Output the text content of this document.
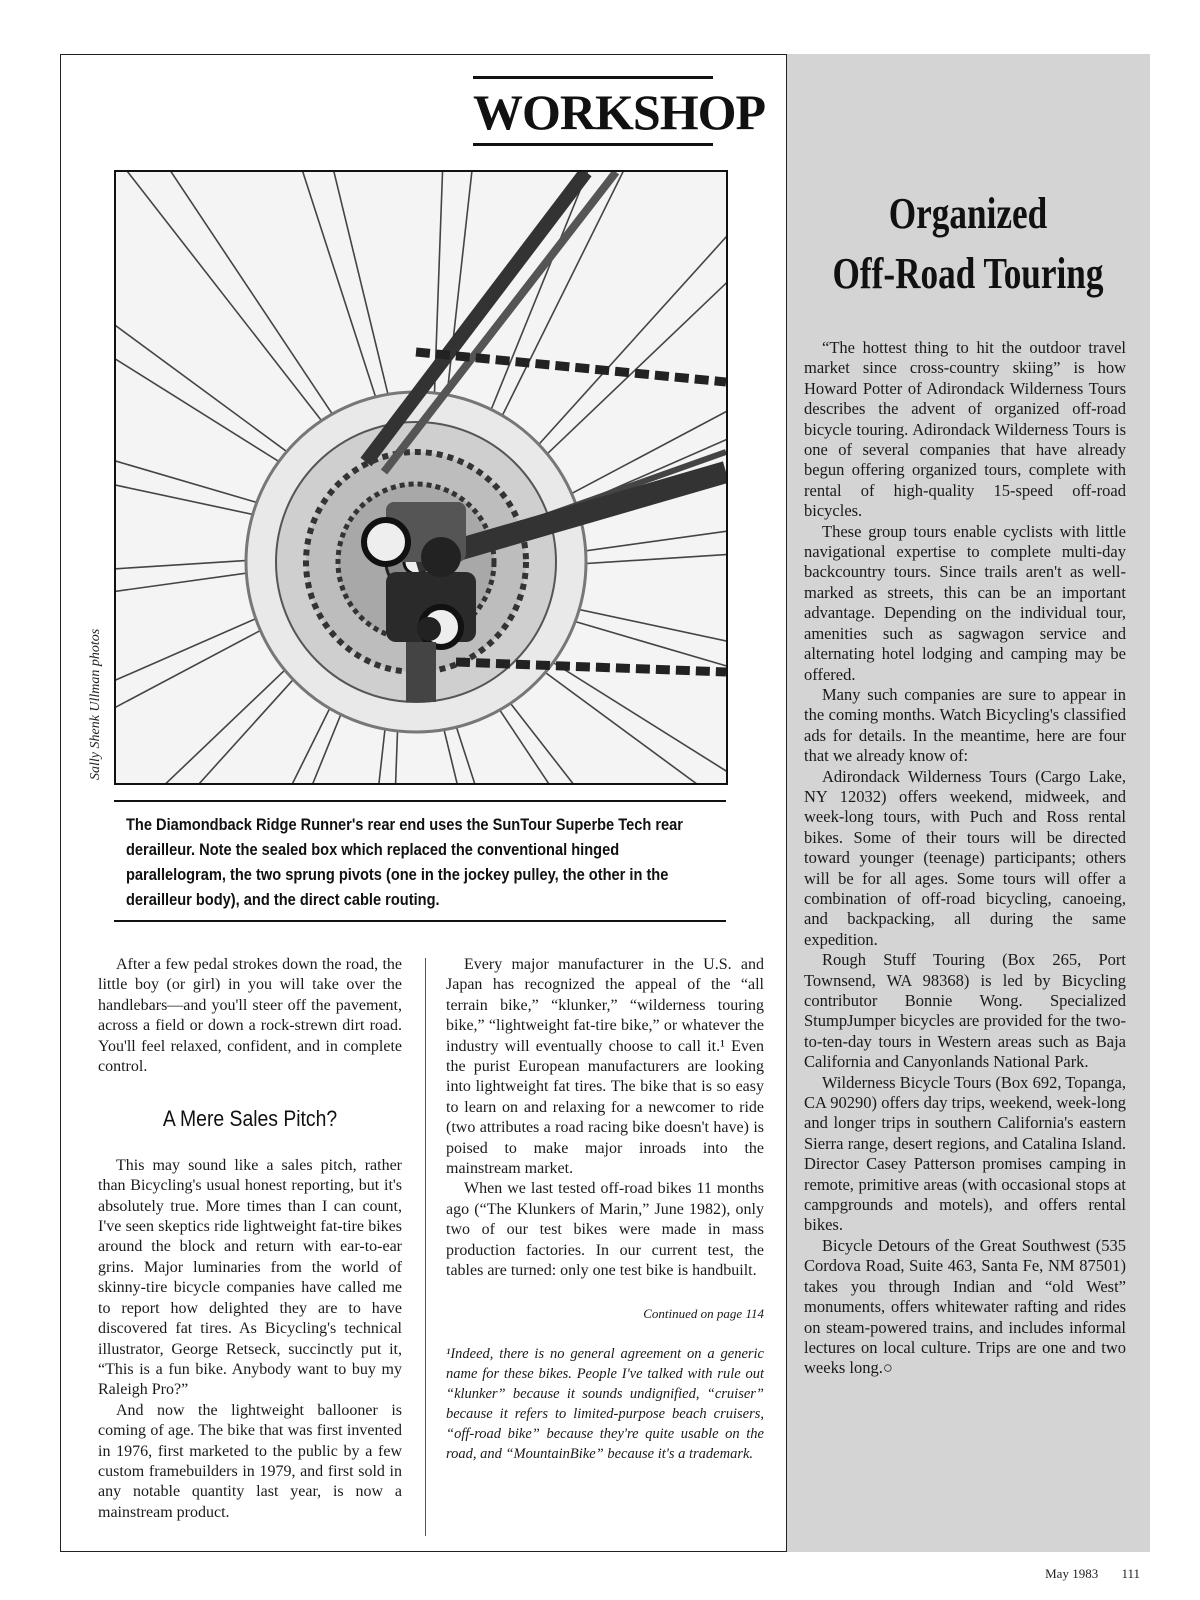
WORKSHOP
Sally Shenk Ullman photos

The Diamondback Ridge Runner's rear end uses the SunTour Superbe Tech rear derailleur. Note the sealed box which replaced the conventional hinged parallelogram, the two sprung pivots (one in the jockey pulley, the other in the derailleur body), and the direct cable routing.

After a few pedal strokes down the road, the little boy (or girl) in you will take over the handlebars—and you'll steer off the pavement, across a field or down a rock-strewn dirt road. You'll feel relaxed, confident, and in complete control.

A Mere Sales Pitch?

This may sound like a sales pitch, rather than Bicycling's usual honest reporting, but it's absolutely true. More times than I can count, I've seen skeptics ride lightweight fat-tire bikes around the block and return with ear-to-ear grins. Major luminaries from the world of skinny-tire bicycle companies have called me to report how delighted they are to have discovered fat tires. As Bicycling's technical illustrator, George Retseck, succinctly put it, “This is a fun bike. Anybody want to buy my Raleigh Pro?”

And now the lightweight ballooner is coming of age. The bike that was first invented in 1976, first marketed to the public by a few custom framebuilders in 1979, and first sold in any notable quantity last year, is now a mainstream product.

Every major manufacturer in the U.S. and Japan has recognized the appeal of the “all terrain bike,” “klunker,” “wilderness touring bike,” “lightweight fat-tire bike,” or whatever the industry will eventually choose to call it.¹ Even the purist European manufacturers are looking into lightweight fat tires. The bike that is so easy to learn on and relaxing for a newcomer to ride (two attributes a road racing bike doesn't have) is poised to make major inroads into the mainstream market.

When we last tested off-road bikes 11 months ago (“The Klunkers of Marin,” June 1982), only two of our test bikes were made in mass production factories. In our current test, the tables are turned: only one test bike is handbuilt.

Continued on page 114
¹Indeed, there is no general agreement on a generic name for these bikes. People I've talked with rule out “klunker” because it sounds undignified, “cruiser” because it refers to limited-purpose beach cruisers, “off-road bike” because they're quite usable on the road, and “MountainBike” because it's a trademark.
Organized
Off-Road Touring

“The hottest thing to hit the outdoor travel market since cross-country skiing” is how Howard Potter of Adirondack Wilderness Tours describes the advent of organized off-road bicycle touring. Adirondack Wilderness Tours is one of several companies that have already begun offering organized tours, complete with rental of high-quality 15-speed off-road bicycles.

These group tours enable cyclists with little navigational expertise to complete multi-day backcountry tours. Since trails aren't as well-marked as streets, this can be an important advantage. Depending on the individual tour, amenities such as sagwagon service and alternating hotel lodging and camping may be offered.

Many such companies are sure to appear in the coming months. Watch Bicycling's classified ads for details. In the meantime, here are four that we already know of:

Adirondack Wilderness Tours (Cargo Lake, NY 12032) offers weekend, midweek, and week-long tours, with Puch and Ross rental bikes. Some of their tours will be directed toward younger (teenage) participants; others will be for all ages. Some tours will offer a combination of off-road bicycling, canoeing, and backpacking, all during the same expedition.

Rough Stuff Touring (Box 265, Port Townsend, WA 98368) is led by Bicycling contributor Bonnie Wong. Specialized StumpJumper bicycles are provided for the two-to-ten-day tours in Western areas such as Baja California and Canyonlands National Park.

Wilderness Bicycle Tours (Box 692, Topanga, CA 90290) offers day trips, weekend, week-long and longer trips in southern California's eastern Sierra range, desert regions, and Catalina Island. Director Casey Patterson promises camping in remote, primitive areas (with occasional stops at campgrounds and motels), and offers rental bikes.

Bicycle Detours of the Great Southwest (535 Cordova Road, Suite 463, Santa Fe, NM 87501) takes you through Indian and “old West” monuments, offers whitewater rafting and rides on steam-powered trains, and includes informal lectures on local culture. Trips are one and two weeks long.○

May 1983 111
